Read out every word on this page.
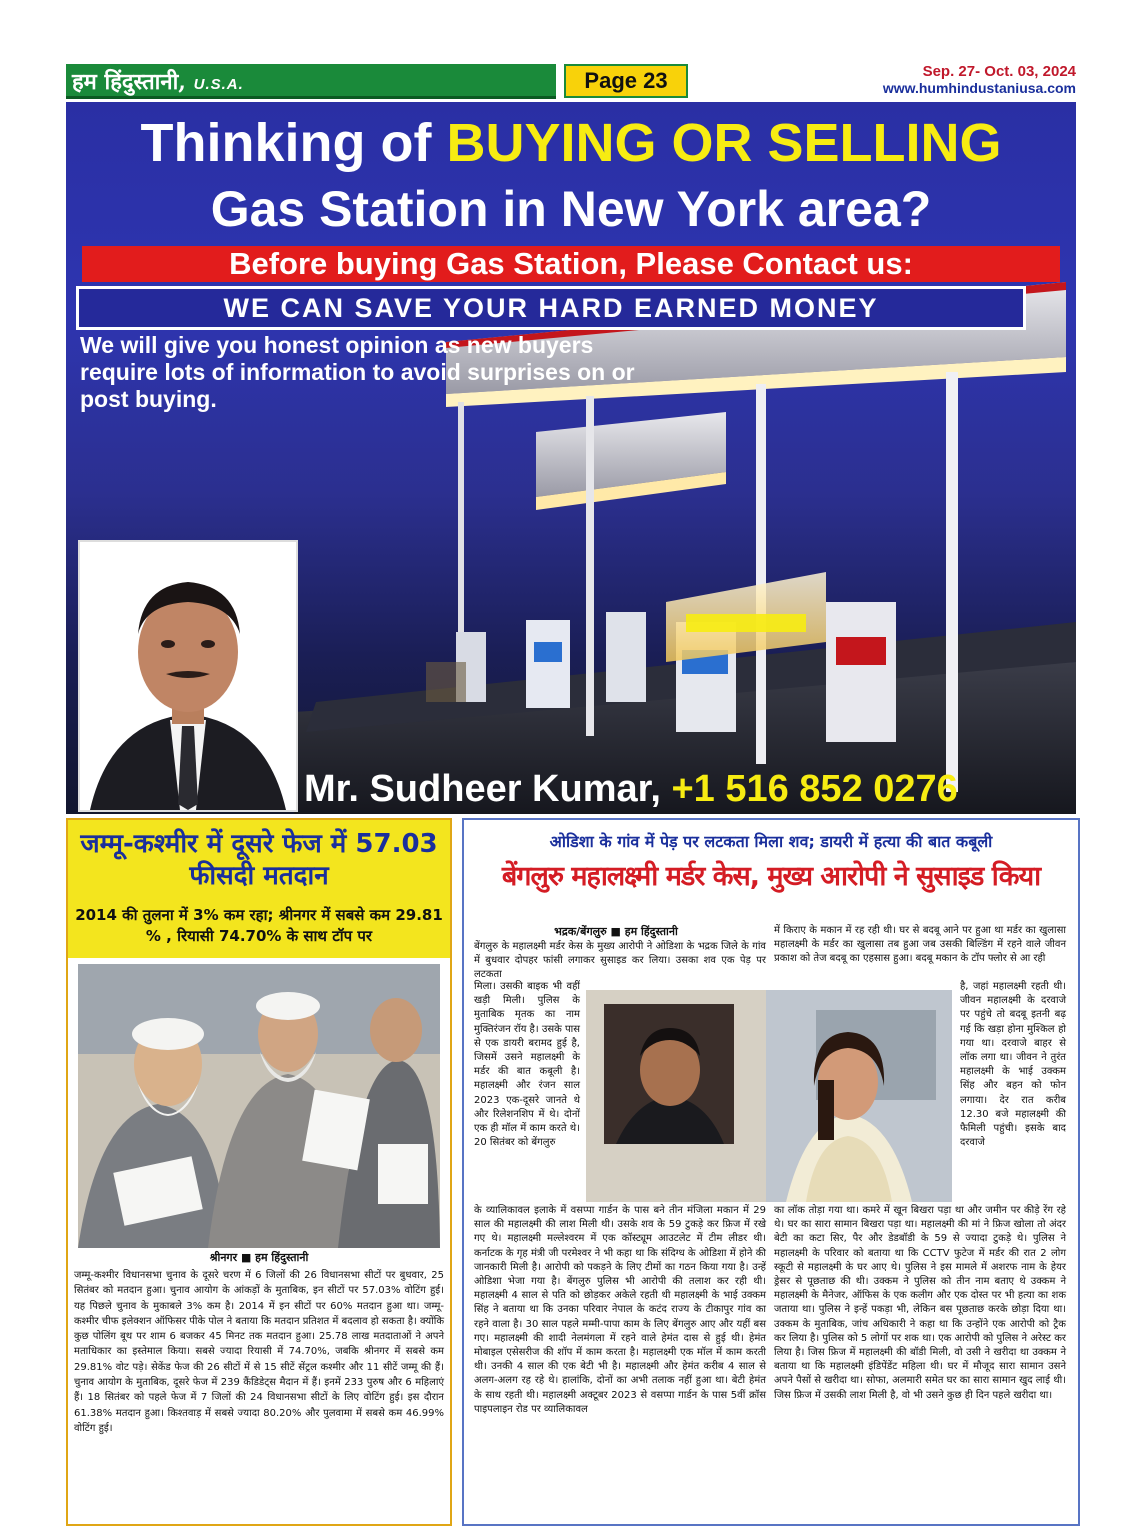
हम हिंदुस्तानी, U.S.A.	Page 23	Sep. 27- Oct. 03, 2024
www.humhindustaniusa.com
Thinking of BUYING OR SELLING
Gas Station in New York area?
Before buying Gas Station, Please Contact us:
WE CAN SAVE YOUR HARD EARNED MONEY
We will give you honest opinion as new buyers require lots of information to avoid surprises on or post buying.
Mr. Sudheer Kumar, +1 516 852 0276
जम्मू-कश्मीर में दूसरे फेज में 57.03 फीसदी मतदान
2014 की तुलना में 3% कम रहा; श्रीनगर में सबसे कम 29.81 % , रियासी 74.70% के साथ टॉप पर
श्रीनगर ■ हम हिंदुस्तानी
जम्मू-कश्मीर विधानसभा चुनाव के दूसरे चरण में 6 जिलों की 26 विधानसभा सीटों पर बुधवार, 25 सितंबर को मतदान हुआ। चुनाव आयोग के आंकड़ों के मुताबिक, इन सीटों पर 57.03% वोटिंग हुई। यह पिछले चुनाव के मुकाबले 3% कम है। 2014 में इन सीटों पर 60% मतदान हुआ था। जम्मू-कश्मीर चीफ इलेक्शन ऑफिसर पीके पोल ने बताया कि मतदान प्रतिशत में बदलाव हो सकता है। क्योंकि कुछ पोलिंग बूथ पर शाम 6 बजकर 45 मिनट तक मतदान हुआ। 25.78 लाख मतदाताओं ने अपने मताधिकार का इस्तेमाल किया। सबसे ज्यादा रियासी में 74.70%, जबकि श्रीनगर में सबसे कम 29.81% वोट पड़े। सेकेंड फेज की 26 सीटों में से 15 सीटें सेंट्रल कश्मीर और 11 सीटें जम्मू की हैं। चुनाव आयोग के मुताबिक, दूसरे फेज में 239 कैंडिडेट्स मैदान में हैं। इनमें 233 पुरुष और 6 महिलाएं हैं। 18 सितंबर को पहले फेज में 7 जिलों की 24 विधानसभा सीटों के लिए वोटिंग हुई। इस दौरान 61.38% मतदान हुआ। किश्तवाड़ में सबसे ज्यादा 80.20% और पुलवामा में सबसे कम 46.99% वोटिंग हुई।
ओडिशा के गांव में पेड़ पर लटकता मिला शव; डायरी में हत्या की बात कबूली
बेंगलुरु महालक्ष्मी मर्डर केस, मुख्य आरोपी ने सुसाइड किया
भद्रक/बेंगलुरु ■ हम हिंदुस्तानी
बेंगलुरु के महालक्ष्मी मर्डर केस के मुख्य आरोपी ने ओडिशा के भद्रक जिले के गांव में बुधवार दोपहर फांसी लगाकर सुसाइड कर लिया। उसका शव एक पेड़ पर लटकता
में किराए के मकान में रह रही थी। घर से बदबू आने पर हुआ था मर्डर का खुलासा महालक्ष्मी के मर्डर का खुलासा तब हुआ जब उसकी बिल्डिंग में रहने वाले जीवन प्रकाश को तेज बदबू का एहसास हुआ। बदबू मकान के टॉप फ्लोर से आ रही
मिला। उसकी बाइक भी वहीं खड़ी मिली। पुलिस के मुताबिक मृतक का नाम मुक्तिरंजन रॉय है। उसके पास से एक डायरी बरामद हुई है, जिसमें उसने महालक्ष्मी के मर्डर की बात कबूली है। महालक्ष्मी और रंजन साल 2023 एक-दूसरे जानते थे और रिलेशनशिप में थे। दोनों एक ही मॉल में काम करते थे। 20 सितंबर को बेंगलुरु
है, जहां महालक्ष्मी रहती थी। जीवन महालक्ष्मी के दरवाजे पर पहुंचे तो बदबू इतनी बढ़ गई कि खड़ा होना मुश्किल हो गया था। दरवाजे बाहर से लॉक लगा था। जीवन ने तुरंत महालक्ष्मी के भाई उक्कम सिंह और बहन को फोन लगाया। देर रात करीब 12.30 बजे महालक्ष्मी की फैमिली पहुंची। इसके बाद दरवाजे
के व्यालिकावल इलाके में वसप्पा गार्डन के पास बने तीन मंजिला मकान में 29 साल की महालक्ष्मी की लाश मिली थी। उसके शव के 59 टुकड़े कर फ्रिज में रखे गए थे। महालक्ष्मी मल्लेश्वरम में एक कॉस्ट्यूम आउटलेट में टीम लीडर थी। कर्नाटक के गृह मंत्री जी परमेश्वर ने भी कहा था कि संदिग्ध के ओडिशा में होने की जानकारी मिली है। आरोपी को पकड़ने के लिए टीमों का गठन किया गया है। उन्हें ओडिशा भेजा गया है। बेंगलुरु पुलिस भी आरोपी की तलाश कर रही थी। महालक्ष्मी 4 साल से पति को छोड़कर अकेले रहती थी महालक्ष्मी के भाई उक्कम सिंह ने बताया था कि उनका परिवार नेपाल के कटंद राज्य के टीकापुर गांव का रहने वाला है। 30 साल पहले मम्मी-पापा काम के लिए बेंगलुरु आए और यहीं बस गए। महालक्ष्मी की शादी नेलमंगला में रहने वाले हेमंत दास से हुई थी। हेमंत मोबाइल एसेसरीज की शॉप में काम करता है। महालक्ष्मी एक मॉल में काम करती थी। उनकी 4 साल की एक बेटी भी है। महालक्ष्मी और हेमंत करीब 4 साल से अलग-अलग रह रहे थे। हालांकि, दोनों का अभी तलाक नहीं हुआ था। बेटी हेमंत के साथ रहती थी। महालक्ष्मी अक्टूबर 2023 से वसप्पा गार्डन के पास 5वीं क्रॉस पाइपलाइन रोड पर व्यालिकावल
का लॉक तोड़ा गया था। कमरे में खून बिखरा पड़ा था और जमीन पर कीड़े रेंग रहे थे। घर का सारा सामान बिखरा पड़ा था। महालक्ष्मी की मां ने फ्रिज खोला तो अंदर बेटी का कटा सिर, पैर और डेडबॉडी के 59 से ज्यादा टुकड़े थे। पुलिस ने महालक्ष्मी के परिवार को बताया था कि CCTV फुटेज में मर्डर की रात 2 लोग स्कूटी से महालक्ष्मी के घर आए थे। पुलिस ने इस मामले में अशरफ नाम के हेयर ड्रेसर से पूछताछ की थी। उक्कम ने पुलिस को तीन नाम बताए थे उक्कम ने महालक्ष्मी के मैनेजर, ऑफिस के एक कलीग और एक दोस्त पर भी हत्या का शक जताया था। पुलिस ने इन्हें पकड़ा भी, लेकिन बस पूछताछ करके छोड़ा दिया था। उक्कम के मुताबिक, जांच अधिकारी ने कहा था कि उन्होंने एक आरोपी को ट्रैक कर लिया है। पुलिस को 5 लोगों पर शक था। एक आरोपी को पुलिस ने अरेस्ट कर लिया है। जिस फ्रिज में महालक्ष्मी की बॉडी मिली, वो उसी ने खरीदा था उक्कम ने बताया था कि महालक्ष्मी इंडिपेंडेंट महिला थी। घर में मौजूद सारा सामान उसने अपने पैसों से खरीदा था। सोफा, अलमारी समेत घर का सारा सामान खुद लाई थी। जिस फ्रिज में उसकी लाश मिली है, वो भी उसने कुछ ही दिन पहले खरीदा था।
